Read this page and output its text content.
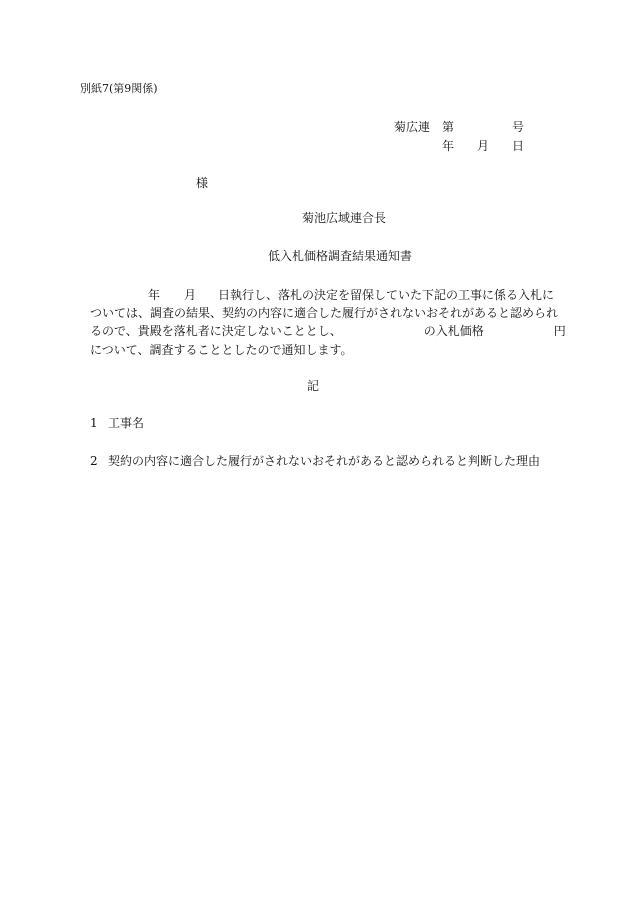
別紙7(第9関係)
菊広連　第	号
年 月 日
様
菊池広域連合長
低入札価格調査結果通知書
年 月 日執行し、落札の決定を留保していた下記の工事に係る入札に
ついては、調査の結果、契約の内容に適合した履行がされないおそれがあると認められ
るので、貴殿を落札者に決定しないこととし、	の入札価格	円
について、調査することとしたので通知します。
記
1 工事名
2 契約の内容に適合した履行がされないおそれがあると認められると判断した理由
